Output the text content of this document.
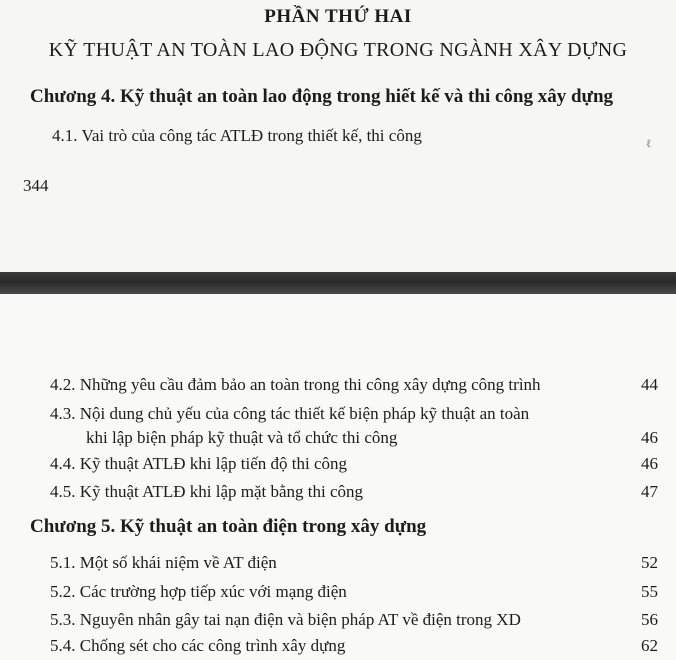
PHẦN THỨ HAI
KỸ THUẬT AN TOÀN LAO ĐỘNG TRONG NGÀNH XÂY DỰNG
Chương 4. Kỹ thuật an toàn lao động trong hiết kế và thi công xây dựng
4.1. Vai trò của công tác ATLĐ trong thiết kế, thi công	ℓ
344
4.2. Những yêu cầu đảm bảo an toàn trong thi công xây dựng công trình	44
4.3. Nội dung chủ yếu của công tác thiết kế biện pháp kỹ thuật an toàn
khi lập biện pháp kỹ thuật và tổ chức thi công	46
4.4. Kỹ thuật ATLĐ khi lập tiến độ thi công	46
4.5. Kỹ thuật ATLĐ khi lập mặt bằng thi công	47
Chương 5. Kỹ thuật an toàn điện trong xây dựng
5.1. Một số khái niệm về AT điện	52
5.2. Các trường hợp tiếp xúc với mạng điện	55
5.3. Nguyên nhân gây tai nạn điện và biện pháp AT về điện trong XD	56
5.4. Chống sét cho các công trình xây dựng	62
